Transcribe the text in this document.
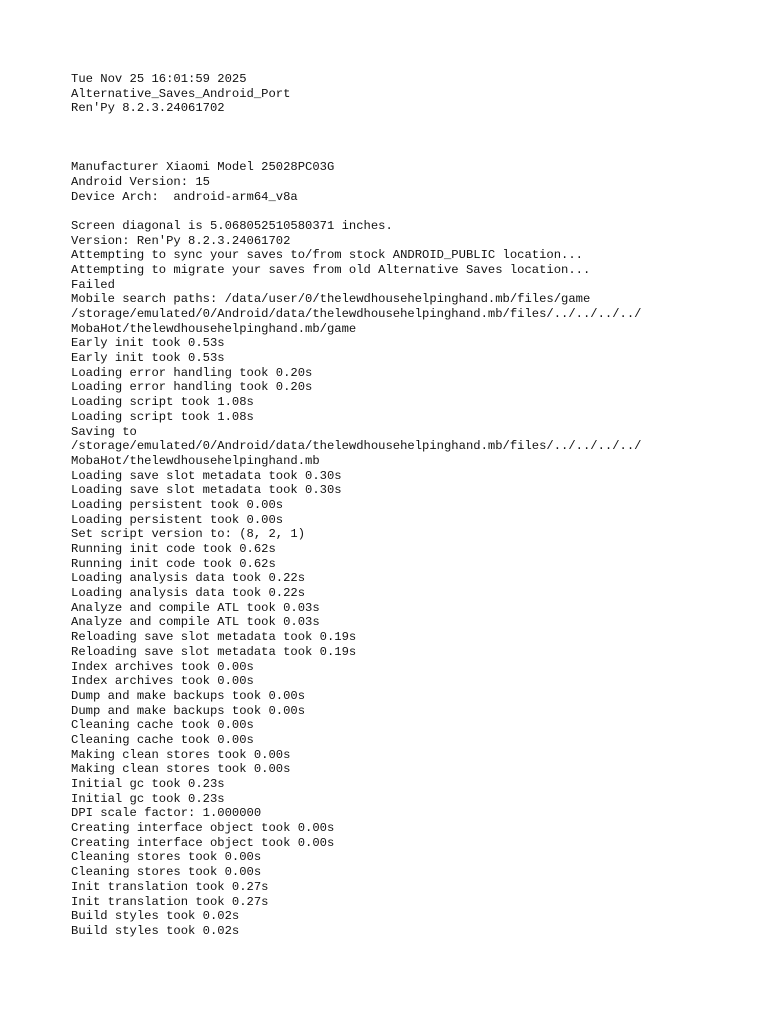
Tue Nov 25 16:01:59 2025
Alternative_Saves_Android_Port
Ren'Py 8.2.3.24061702
Manufacturer Xiaomi Model 25028PC03G
Android Version: 15
Device Arch:  android-arm64_v8a
Screen diagonal is 5.068052510580371 inches.
Version: Ren'Py 8.2.3.24061702
Attempting to sync your saves to/from stock ANDROID_PUBLIC location...
Attempting to migrate your saves from old Alternative Saves location...
Failed
Mobile search paths: /data/user/0/thelewdhousehelpinghand.mb/files/game
/storage/emulated/0/Android/data/thelewdhousehelpinghand.mb/files/../../../../
MobaHot/thelewdhousehelpinghand.mb/game
Early init took 0.53s
Early init took 0.53s
Loading error handling took 0.20s
Loading error handling took 0.20s
Loading script took 1.08s
Loading script took 1.08s
Saving to
/storage/emulated/0/Android/data/thelewdhousehelpinghand.mb/files/../../../../
MobaHot/thelewdhousehelpinghand.mb
Loading save slot metadata took 0.30s
Loading save slot metadata took 0.30s
Loading persistent took 0.00s
Loading persistent took 0.00s
Set script version to: (8, 2, 1)
Running init code took 0.62s
Running init code took 0.62s
Loading analysis data took 0.22s
Loading analysis data took 0.22s
Analyze and compile ATL took 0.03s
Analyze and compile ATL took 0.03s
Reloading save slot metadata took 0.19s
Reloading save slot metadata took 0.19s
Index archives took 0.00s
Index archives took 0.00s
Dump and make backups took 0.00s
Dump and make backups took 0.00s
Cleaning cache took 0.00s
Cleaning cache took 0.00s
Making clean stores took 0.00s
Making clean stores took 0.00s
Initial gc took 0.23s
Initial gc took 0.23s
DPI scale factor: 1.000000
Creating interface object took 0.00s
Creating interface object took 0.00s
Cleaning stores took 0.00s
Cleaning stores took 0.00s
Init translation took 0.27s
Init translation took 0.27s
Build styles took 0.02s
Build styles took 0.02s
